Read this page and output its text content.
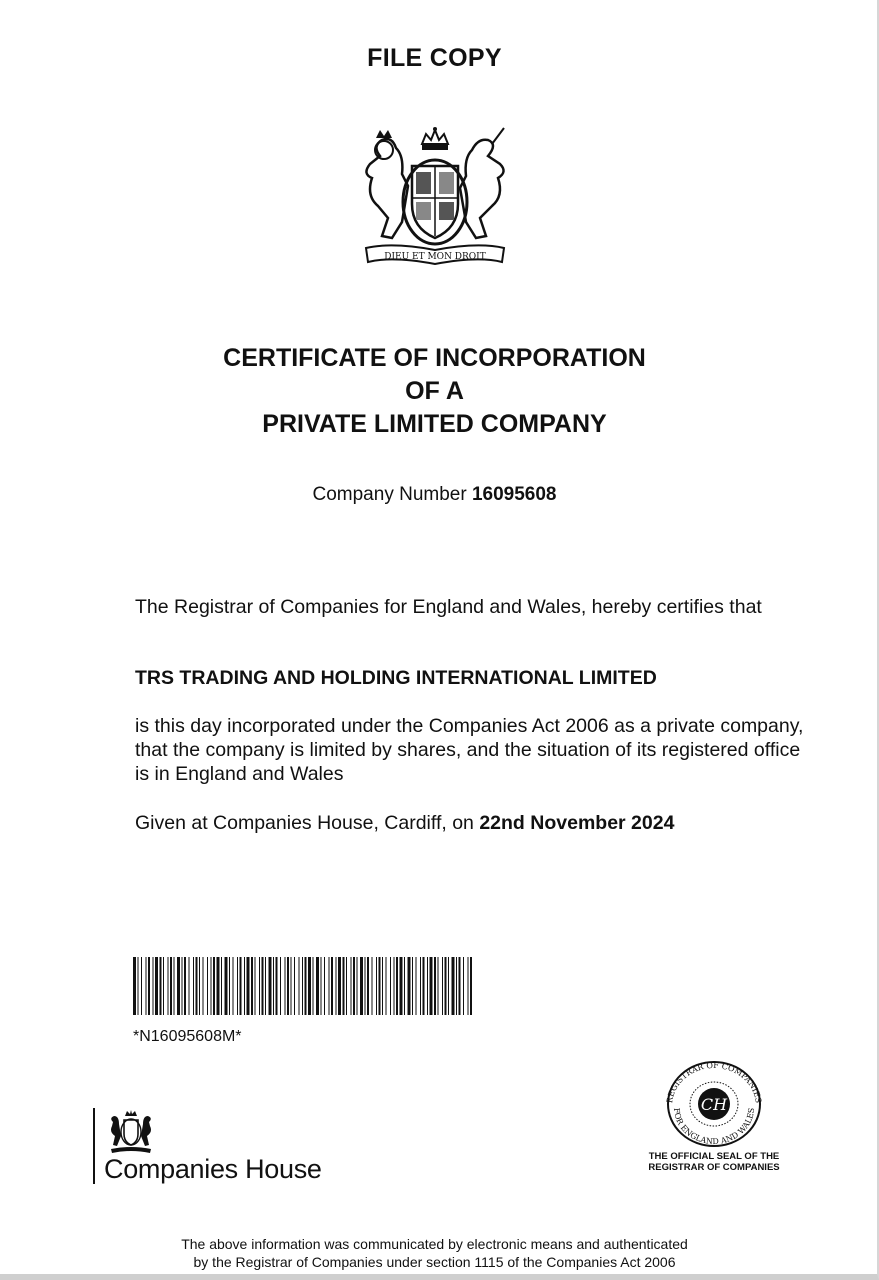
FILE COPY
DIEU ET MON DROIT
CERTIFICATE OF INCORPORATION
OF A
PRIVATE LIMITED COMPANY
Company Number 16095608
The Registrar of Companies for England and Wales, hereby certifies that
TRS TRADING AND HOLDING INTERNATIONAL LIMITED
is this day incorporated under the Companies Act 2006 as a private company, that the company is limited by shares, and the situation of its registered office is in England and Wales
Given at Companies House, Cardiff, on 22nd November 2024
*N16095608M*
Companies House
REGISTRAR OF COMPANIES
FOR ENGLAND AND WALES
CH
THE OFFICIAL SEAL OF THE
REGISTRAR OF COMPANIES
The above information was communicated by electronic means and authenticated
by the Registrar of Companies under section 1115 of the Companies Act 2006
